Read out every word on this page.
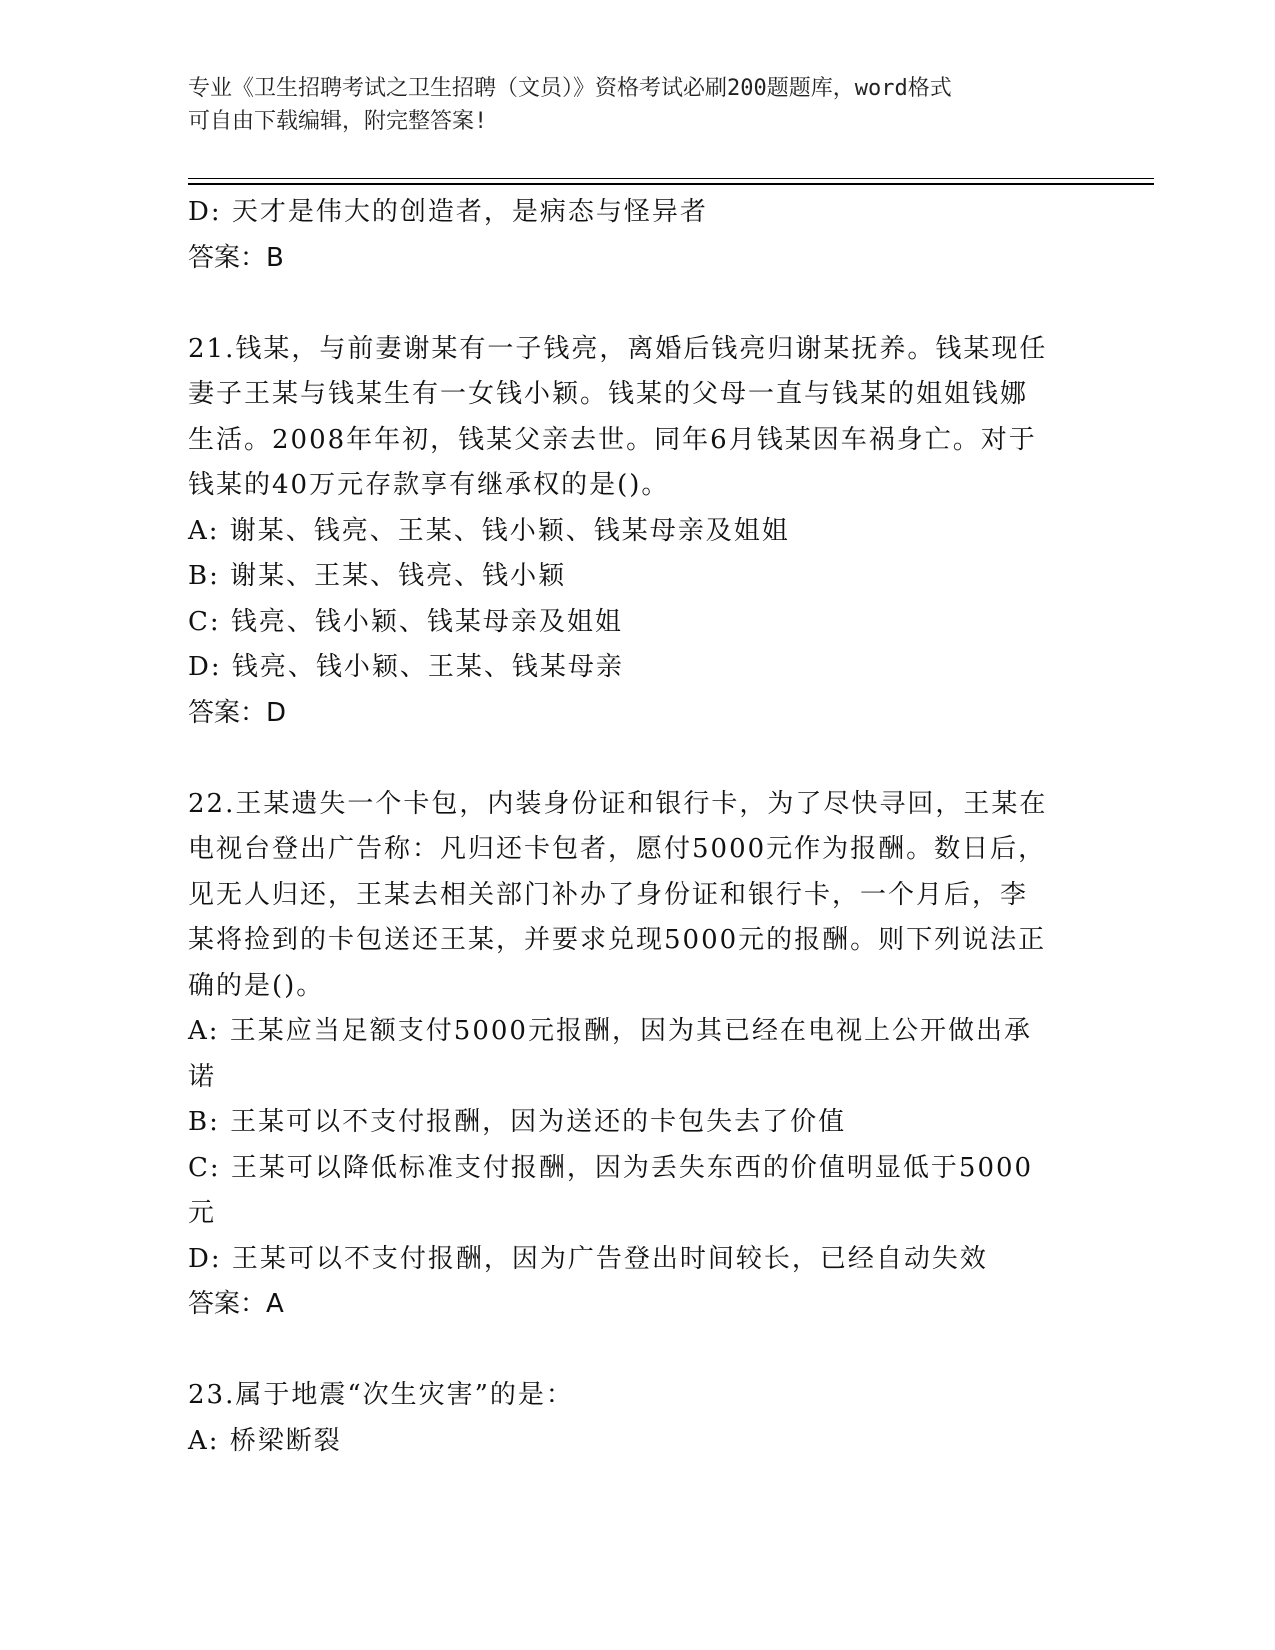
专业《卫生招聘考试之卫生招聘（文员）》资格考试必刷200题题库，word格式
可自由下载编辑，附完整答案!
D: 天才是伟大的创造者，是病态与怪异者
答案：B
21.钱某，与前妻谢某有一子钱亮，离婚后钱亮归谢某抚养。钱某现任
妻子王某与钱某生有一女钱小颖。钱某的父母一直与钱某的姐姐钱娜
生活。2008年年初，钱某父亲去世。同年6月钱某因车祸身亡。对于
钱某的40万元存款享有继承权的是()。
A: 谢某、钱亮、王某、钱小颖、钱某母亲及姐姐
B: 谢某、王某、钱亮、钱小颖
C: 钱亮、钱小颖、钱某母亲及姐姐
D: 钱亮、钱小颖、王某、钱某母亲
答案：D
22.王某遗失一个卡包，内装身份证和银行卡，为了尽快寻回，王某在
电视台登出广告称：凡归还卡包者，愿付5000元作为报酬。数日后，
见无人归还，王某去相关部门补办了身份证和银行卡，一个月后，李
某将捡到的卡包送还王某，并要求兑现5000元的报酬。则下列说法正
确的是()。
A: 王某应当足额支付5000元报酬，因为其已经在电视上公开做出承
诺
B: 王某可以不支付报酬，因为送还的卡包失去了价值
C: 王某可以降低标准支付报酬，因为丢失东西的价值明显低于5000
元
D: 王某可以不支付报酬，因为广告登出时间较长，已经自动失效
答案：A
23.属于地震“次生灾害”的是：
A: 桥梁断裂
